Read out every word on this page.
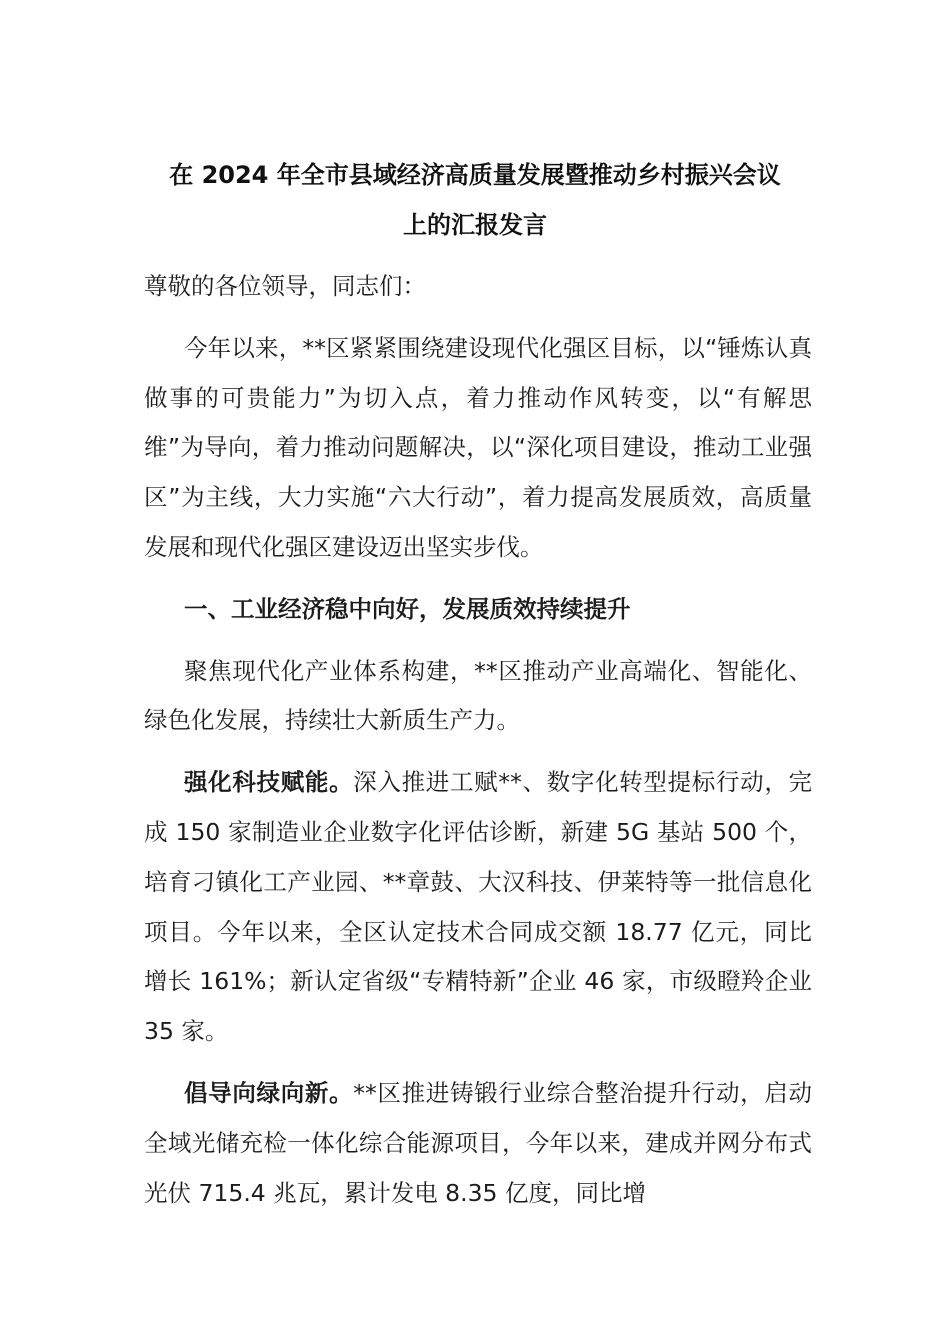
在 2024 年全市县域经济高质量发展暨推动乡村振兴会议
上的汇报发言

尊敬的各位领导，同志们：

今年以来，**区紧紧围绕建设现代化强区目标，以“锤炼认真做事的可贵能力”为切入点，着力推动作风转变，以“有解思维”为导向，着力推动问题解决，以“深化项目建设，推动工业强区”为主线，大力实施“六大行动”，着力提高发展质效，高质量发展和现代化强区建设迈出坚实步伐。

一、工业经济稳中向好，发展质效持续提升

聚焦现代化产业体系构建，**区推动产业高端化、智能化、绿色化发展，持续壮大新质生产力。

强化科技赋能。深入推进工赋**、数字化转型提标行动，完成 150 家制造业企业数字化评估诊断，新建 5G 基站 500 个，培育刁镇化工产业园、**章鼓、大汉科技、伊莱特等一批信息化项目。今年以来，全区认定技术合同成交额 18.77 亿元，同比增长 161%；新认定省级“专精特新”企业 46 家，市级瞪羚企业 35 家。

倡导向绿向新。**区推进铸锻行业综合整治提升行动，启动全域光储充检一体化综合能源项目，今年以来，建成并网分布式光伏 715.4 兆瓦，累计发电 8.35 亿度，同比增
